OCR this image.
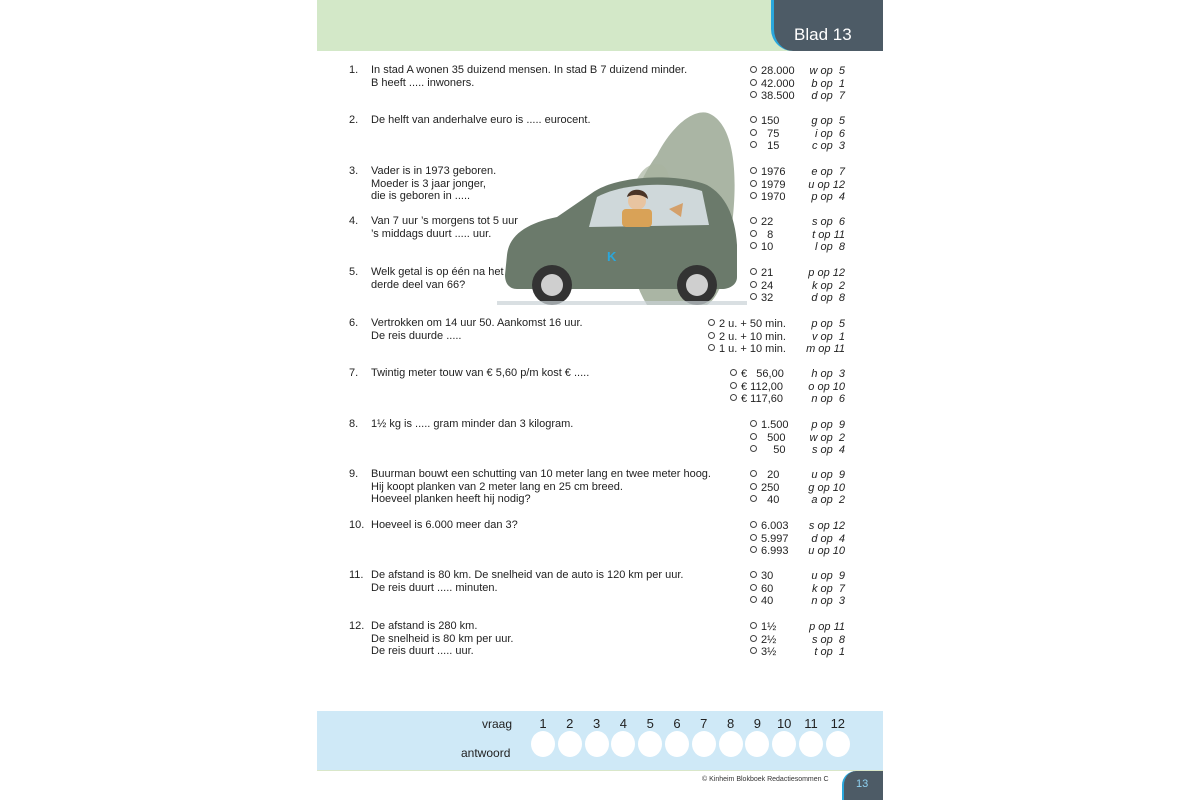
Blad 13
K
1.	In stad A wonen 35 duizend mensen. In stad B 7 duizend minder.
B heeft ..... inwoners.
2.	De helft van anderhalve euro is ..... eurocent.
3.	Vader is in 1973 geboren.
Moeder is 3 jaar jonger,
die is geboren in .....
4.	Van 7 uur ’s morgens tot 5 uur
’s middags duurt ..... uur.
5.	Welk getal is op één na het
derde deel van 66?
6.	Vertrokken om 14 uur 50. Aankomst 16 uur.
De reis duurde .....
7.	Twintig meter touw van € 5,60 p/m kost € .....
8.	1½ kg is ..... gram minder dan 3 kilogram.
9.	Buurman bouwt een schutting van 10 meter lang en twee meter hoog.
Hij koopt planken van 2 meter lang en 25 cm breed.
Hoeveel planken heeft hij nodig?
10. Hoeveel is 6.000 meer dan 3?
11. De afstand is 80 km. De snelheid van de auto is 120 km per uur.
De reis duurt ..... minuten.
12. De afstand is 280 km.
De snelheid is 80 km per uur.
De reis duurt ..... uur.
28.000 w op  5
42.000 b op  1
38.500 d op  7
150	g op  5
75	i op  6
15	c op  3
1976 e op  7
1979 u op 12
1970 p op  4
22	s op  6
8	t op 11
10	l op  8
21	p op 12
24	k op  2
32	d op  8
2 u. + 50 min. p op  5
2 u. + 10 min. v op  1
1 u. + 10 min. m op 11
€   56,00	h op  3
€ 112,00 o op 10
€ 117,60	n op  6
1.500 p op  9
500 w op  2
50 s op  4
20	u op  9
250	g op 10
40	a op  2
6.003 s op 12
5.997 d op  4
6.993 u op 10
30	u op  9
60	k op  7
40	n op  3
1½	p op 11
2½	s op  8
3½	t op  1
vraag
antwoord
1	2	3	4	5	6	7	8	9	10 11 12
© Kinheim Blokboek Redactiesommen C 13
